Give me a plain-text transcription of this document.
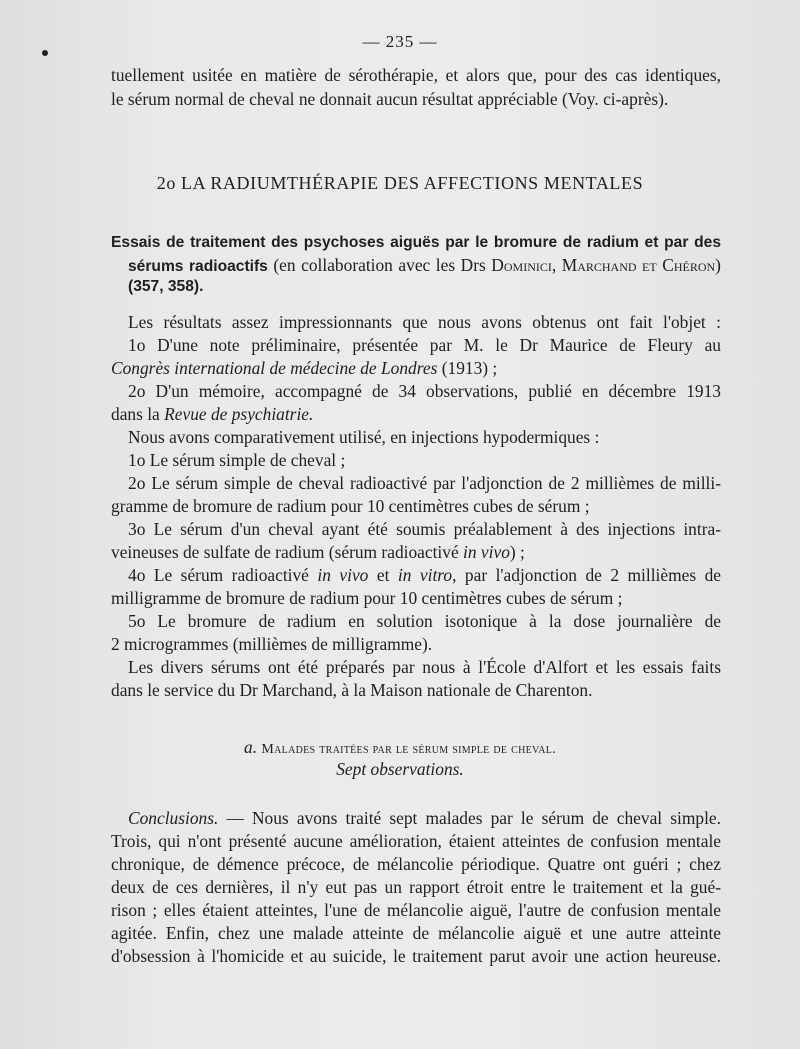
— 235 —
tuellement usitée en matière de sérothérapie, et alors que, pour des cas identiques,
le sérum normal de cheval ne donnait aucun résultat appréciable (Voy. ci-après).
2o LA RADIUMTHÉRAPIE DES AFFECTIONS MENTALES
Essais de traitement des psychoses aiguës par le bromure de radium et par des
sérums radioactifs (en collaboration avec les Drs Dominici, Marchand et Chéron)
(357, 358).
Les résultats assez impressionnants que nous avons obtenus ont fait l'objet :
1o D'une note préliminaire, présentée par M. le Dr Maurice de Fleury au
Congrès international de médecine de Londres (1913) ;
2o D'un mémoire, accompagné de 34 observations, publié en décembre 1913
dans la Revue de psychiatrie.
Nous avons comparativement utilisé, en injections hypodermiques :
1o Le sérum simple de cheval ;
2o Le sérum simple de cheval radioactivé par l'adjonction de 2 millièmes de milli-
gramme de bromure de radium pour 10 centimètres cubes de sérum ;
3o Le sérum d'un cheval ayant été soumis préalablement à des injections intra-
veineuses de sulfate de radium (sérum radioactivé in vivo) ;
4o Le sérum radioactivé in vivo et in vitro, par l'adjonction de 2 millièmes de
milligramme de bromure de radium pour 10 centimètres cubes de sérum ;
5o Le bromure de radium en solution isotonique à la dose journalière de
2 microgrammes (millièmes de milligramme).
Les divers sérums ont été préparés par nous à l'École d'Alfort et les essais faits
dans le service du Dr Marchand, à la Maison nationale de Charenton.
a. Malades traitées par le sérum simple de cheval.
Sept observations.
Conclusions. — Nous avons traité sept malades par le sérum de cheval simple.
Trois, qui n'ont présenté aucune amélioration, étaient atteintes de confusion mentale
chronique, de démence précoce, de mélancolie périodique. Quatre ont guéri ; chez
deux de ces dernières, il n'y eut pas un rapport étroit entre le traitement et la gué-
rison ; elles étaient atteintes, l'une de mélancolie aiguë, l'autre de confusion mentale
agitée. Enfin, chez une malade atteinte de mélancolie aiguë et une autre atteinte
d'obsession à l'homicide et au suicide, le traitement parut avoir une action heureuse.
